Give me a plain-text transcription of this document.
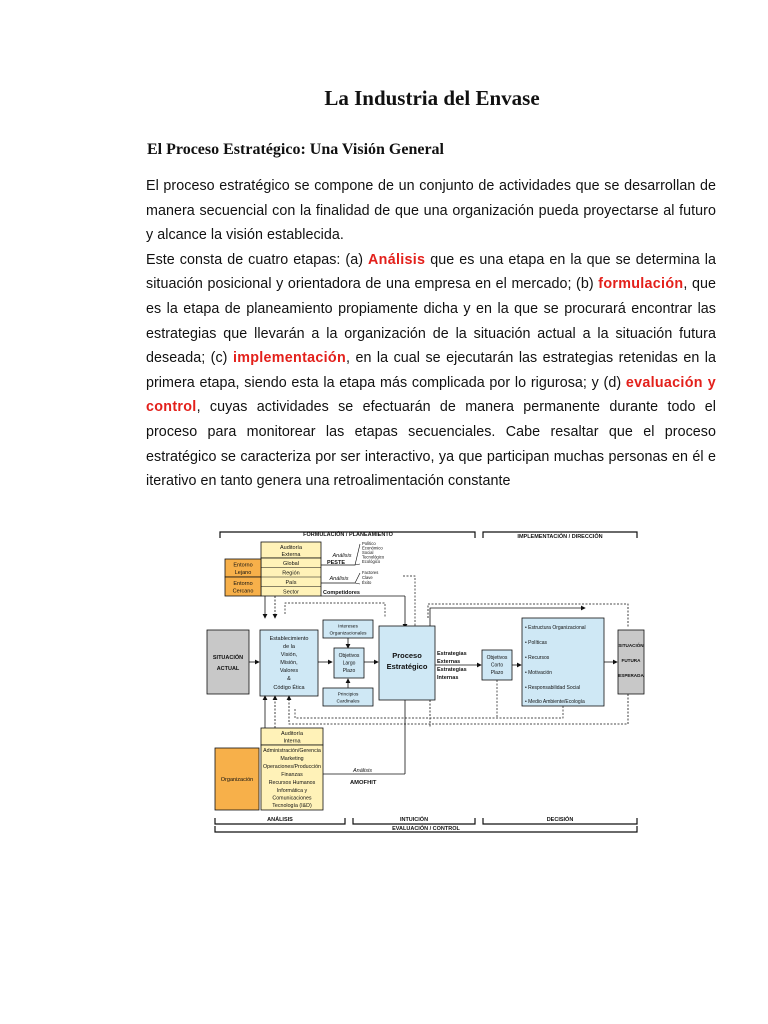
La Industria del Envase
El Proceso Estratégico: Una Visión General

El proceso estratégico se compone de un conjunto de actividades que se desarrollan de manera secuencial con la finalidad de que una organización pueda proyectarse al futuro y alcance la visión establecida.

Este consta de cuatro etapas: (a) Análisis que es una etapa en la que se determina la situación posicional y orientadora de una empresa en el mercado; (b) formulación, que es la etapa de planeamiento propiamente dicha y en la que se procurará encontrar las estrategias que llevarán a la organización de la situación actual a la situación futura deseada; (c) implementación, en la cual se ejecutarán las estrategias retenidas en la primera etapa, siendo esta la etapa más complicada por lo rigurosa; y (d) evaluación y control, cuyas actividades se efectuarán de manera permanente durante todo el proceso para monitorear las etapas secuenciales. Cabe resaltar que el proceso estratégico se caracteriza por ser interactivo, ya que participan muchas personas en él e iterativo en tanto genera una retroalimentación constante

FORMULACIÓN / PLANEAMIENTO	IMPLEMENTACIÓN / DIRECCIÓN
Auditoría
Externa
Global
Región
País
Sector
Entorno
Lejano
Entorno
Cercano
Análisis
PESTE
Político
Económico
Social
Tecnológico
Ecológico
Análisis
Factores
Clave
Éxito
Competidores
SITUACIÓN
ACTUAL
Establecimiento
de la
Visión,
Misión,
Valores
&
Código Ética
Intereses
Organizacionales
Objetivos
Largo
Plazo
Principios
Cardinales
Proceso
Estratégico
Estrategias
Externas
Estrategias
Internas
Objetivos
Corto
Plazo
• Estructura Organizacional
• Políticas
• Recursos
• Motivación
• Responsabilidad Social
• Medio Ambiente/Ecología
SITUACIÓN
FUTURA
ESPERADA
Organización
Auditoría
Interna
Administración/Gerencia
Marketing
Operaciones/Producción
Finanzas
Recursos Humanos
Informática y
Comunicaciones
Tecnología (I&D)
Análisis
AMOFHIT
ANÁLISIS	INTUICIÓN	DECISIÓN
EVALUACIÓN / CONTROL
